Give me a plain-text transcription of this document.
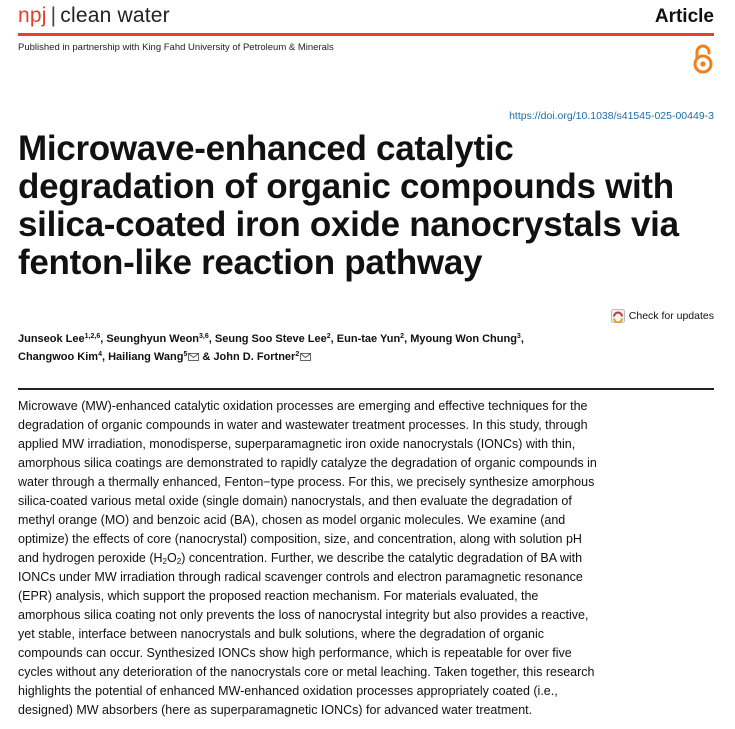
npj | clean water	Article
Published in partnership with King Fahd University of Petroleum & Minerals
https://doi.org/10.1038/s41545-025-00449-3
Microwave-enhanced catalytic degradation of organic compounds with silica-coated iron oxide nanocrystals via fenton-like reaction pathway
Check for updates
Junseok Lee$^{1,2,6}$, Seunghyun Weon$^{3,6}$, Seung Soo Steve Lee$^2$, Eun-tae Yun$^2$, Myoung Won Chung$^3$,
Changwoo Kim$^4$, Hailiang Wang$^5$ & John D. Fortner$^2$

Microwave (MW)-enhanced catalytic oxidation processes are emerging and effective techniques for the degradation of organic compounds in water and wastewater treatment processes. In this study, through applied MW irradiation, monodisperse, superparamagnetic iron oxide nanocrystals (IONCs) with thin, amorphous silica coatings are demonstrated to rapidly catalyze the degradation of organic compounds in water through a thermally enhanced, Fenton−type process. For this, we precisely synthesize amorphous silica-coated various metal oxide (single domain) nanocrystals, and then evaluate the degradation of methyl orange (MO) and benzoic acid (BA), chosen as model organic molecules. We examine (and optimize) the effects of core (nanocrystal) composition, size, and concentration, along with solution pH and hydrogen peroxide $(H_2O_2)$ concentration. Further, we describe the catalytic degradation of BA with IONCs under MW irradiation through radical scavenger controls and electron paramagnetic resonance (EPR) analysis, which support the proposed reaction mechanism. For materials evaluated, the amorphous silica coating not only prevents the loss of nanocrystal integrity but also provides a reactive, yet stable, interface between nanocrystals and bulk solutions, where the degradation of organic compounds can occur. Synthesized IONCs show high performance, which is repeatable for over five cycles without any deterioration of the nanocrystals core or metal leaching. Taken together, this research highlights the potential of enhanced MW-enhanced oxidation processes appropriately coated (i.e., designed) MW absorbers (here as superparamagnetic IONCs) for advanced water treatment.
